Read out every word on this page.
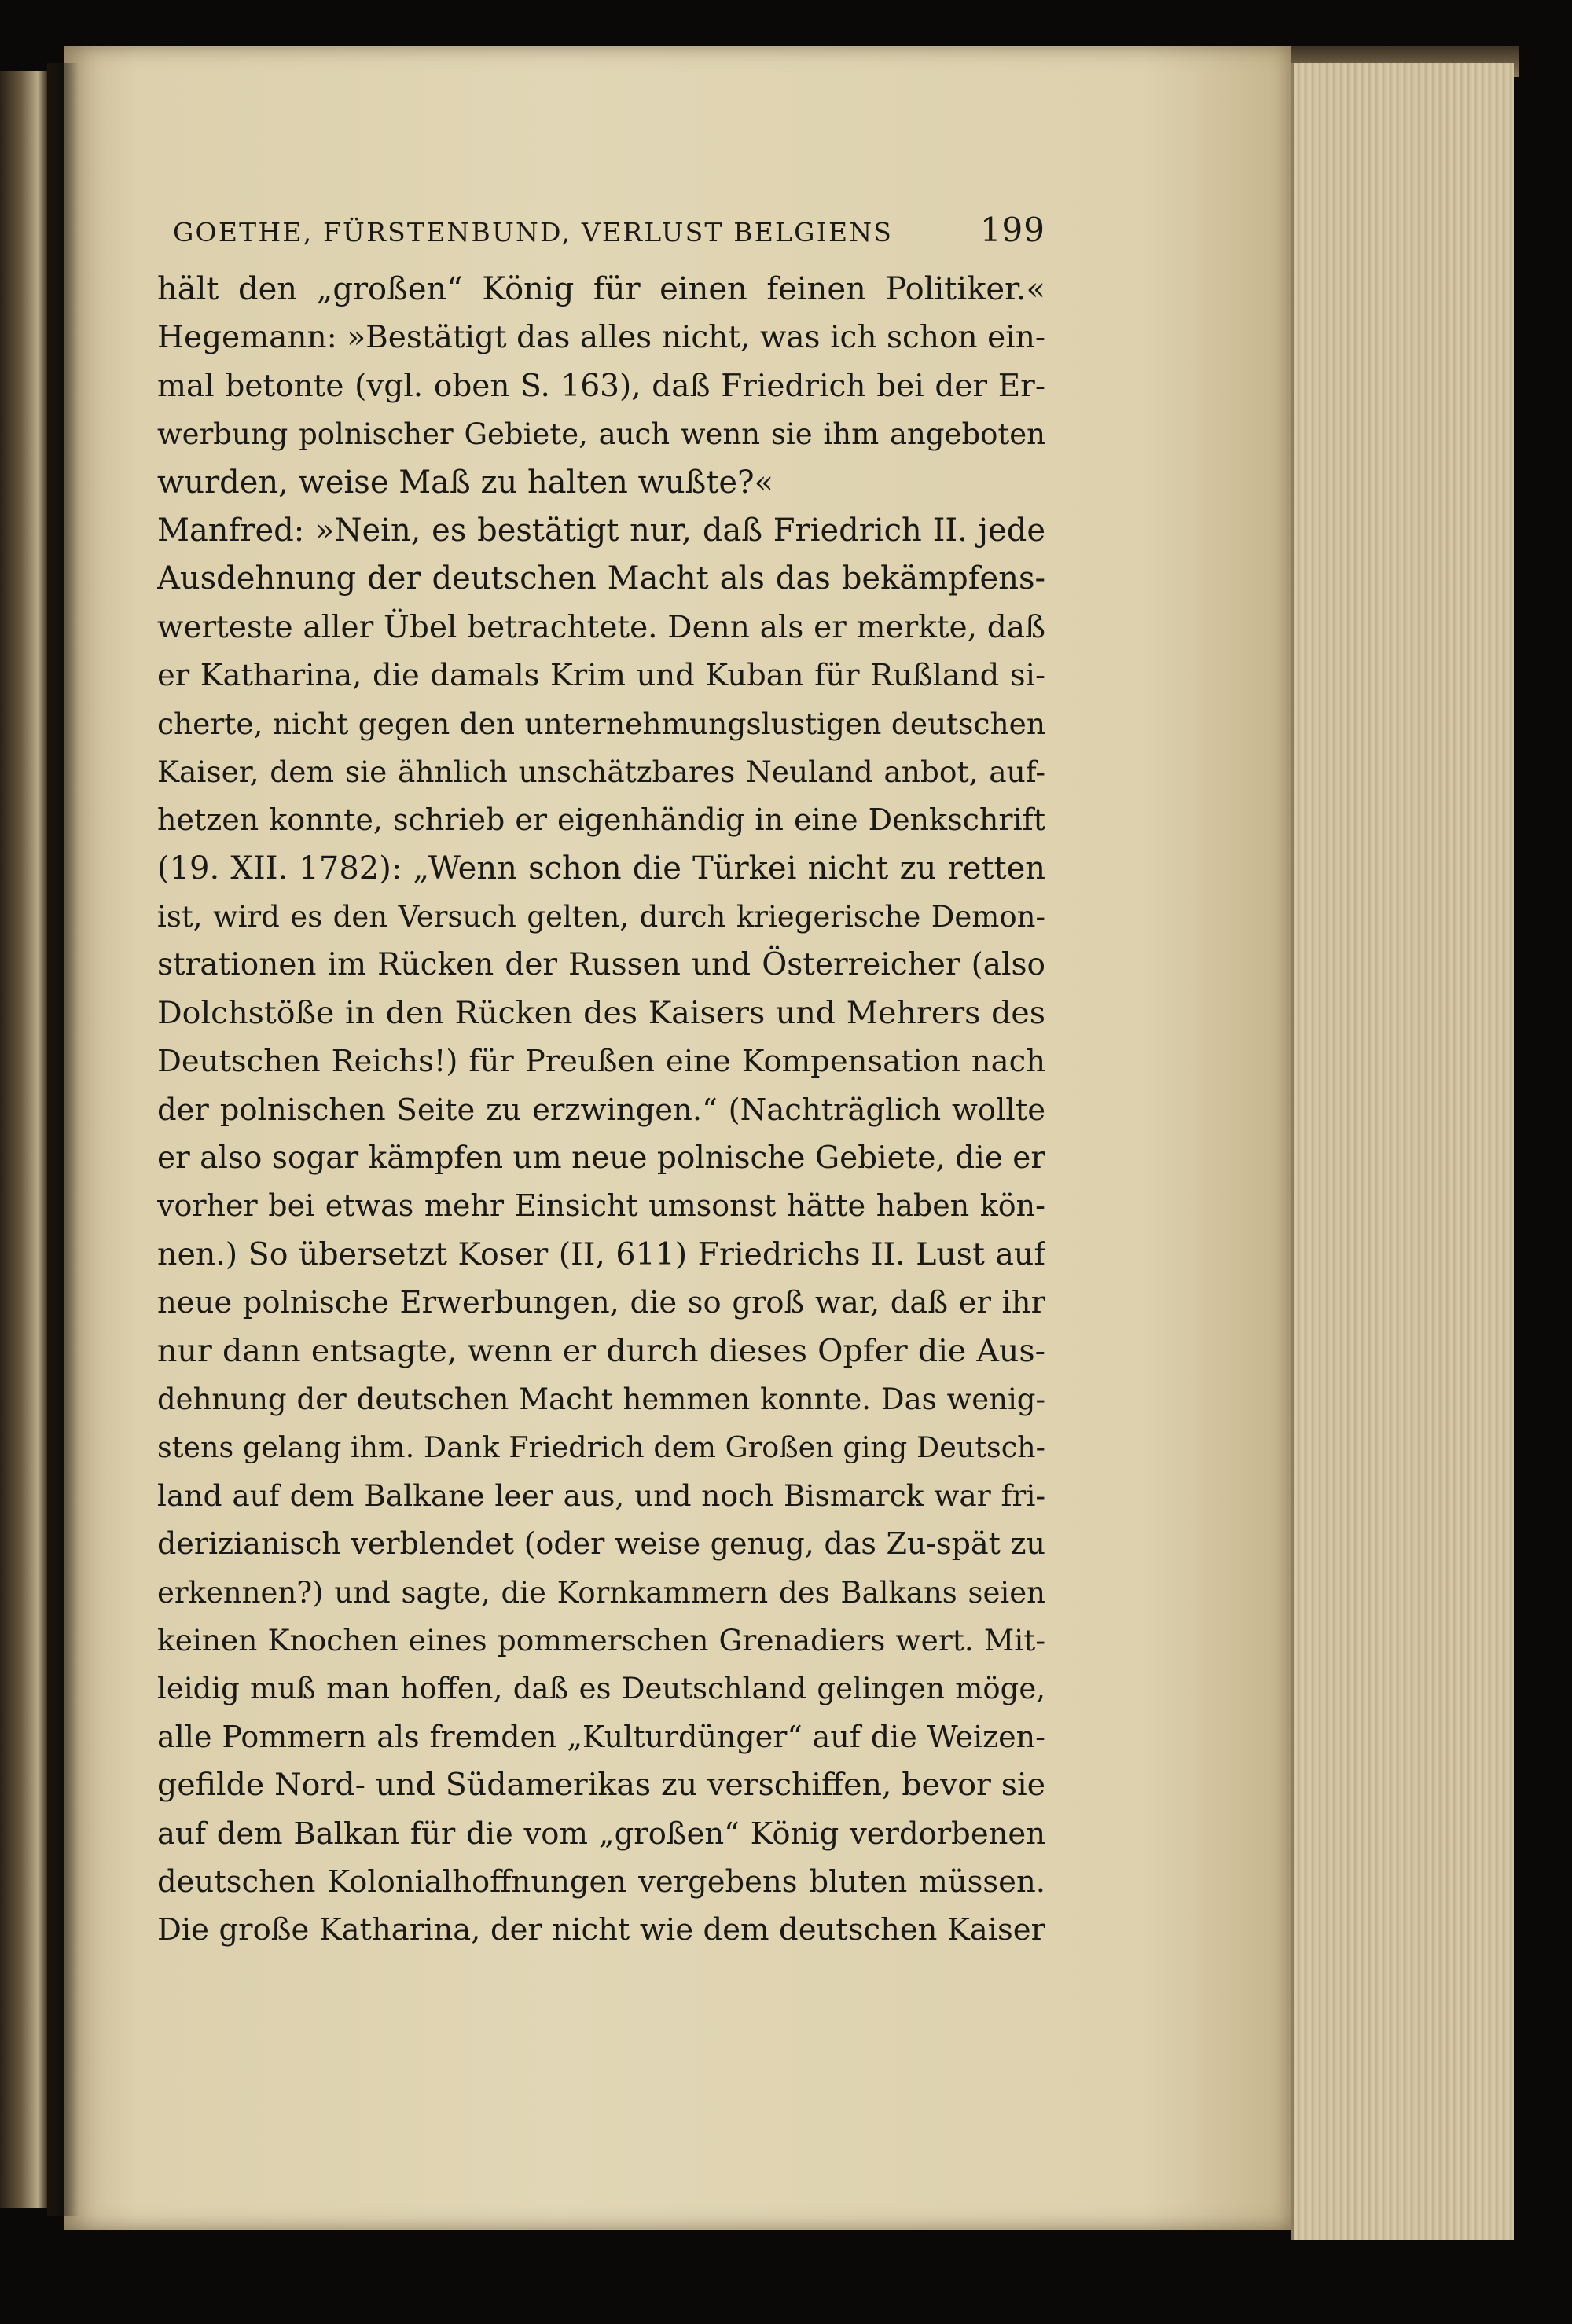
GOETHE, FÜRSTENBUND, VERLUST BELGIENS	199
hält den „großen“ König für einen feinen Politiker.«
Hegemann: »Bestätigt das alles nicht, was ich schon ein-
mal betonte (vgl. oben S. 163), daß Friedrich bei der Er-
werbung polnischer Gebiete, auch wenn sie ihm angeboten
wurden, weise Maß zu halten wußte?«
Manfred: »Nein, es bestätigt nur, daß Friedrich II. jede
Ausdehnung der deutschen Macht als das bekämpfens-
werteste aller Übel betrachtete. Denn als er merkte, daß
er Katharina, die damals Krim und Kuban für Rußland si-
cherte, nicht gegen den unternehmungslustigen deutschen
Kaiser, dem sie ähnlich unschätzbares Neuland anbot, auf-
hetzen konnte, schrieb er eigenhändig in eine Denkschrift
(19. XII. 1782): „Wenn schon die Türkei nicht zu retten
ist, wird es den Versuch gelten, durch kriegerische Demon-
strationen im Rücken der Russen und Österreicher (also
Dolchstöße in den Rücken des Kaisers und Mehrers des
Deutschen Reichs!) für Preußen eine Kompensation nach
der polnischen Seite zu erzwingen.“ (Nachträglich wollte
er also sogar kämpfen um neue polnische Gebiete, die er
vorher bei etwas mehr Einsicht umsonst hätte haben kön-
nen.) So übersetzt Koser (II, 611) Friedrichs II. Lust auf
neue polnische Erwerbungen, die so groß war, daß er ihr
nur dann entsagte, wenn er durch dieses Opfer die Aus-
dehnung der deutschen Macht hemmen konnte. Das wenig-
stens gelang ihm. Dank Friedrich dem Großen ging Deutsch-
land auf dem Balkane leer aus, und noch Bismarck war fri-
derizianisch verblendet (oder weise genug, das Zu-spät zu
erkennen?) und sagte, die Kornkammern des Balkans seien
keinen Knochen eines pommerschen Grenadiers wert. Mit-
leidig muß man hoffen, daß es Deutschland gelingen möge,
alle Pommern als fremden „Kulturdünger“ auf die Weizen-
gefilde Nord- und Südamerikas zu verschiffen, bevor sie
auf dem Balkan für die vom „großen“ König verdorbenen
deutschen Kolonialhoffnungen vergebens bluten müssen.
Die große Katharina, der nicht wie dem deutschen Kaiser
